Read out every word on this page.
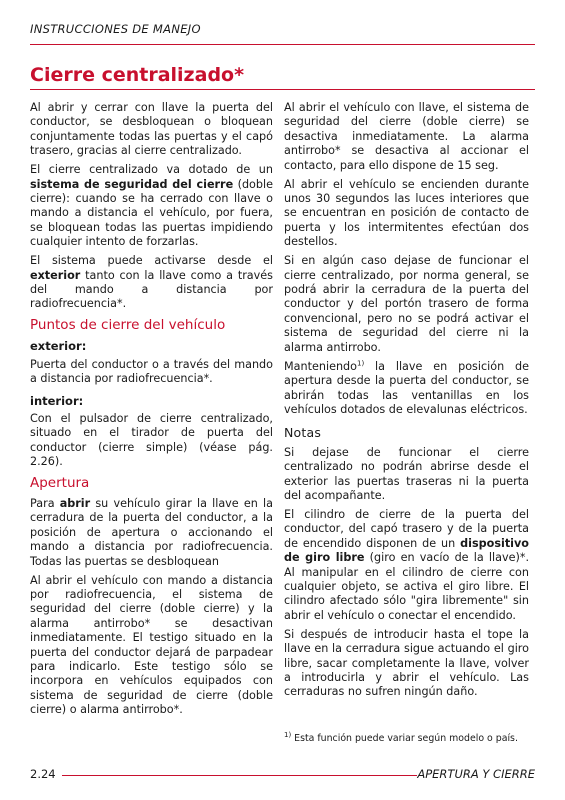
INSTRUCCIONES DE MANEJO
Cierre centralizado*

Al abrir y cerrar con llave la puerta del conductor, se desbloquean o bloquean conjuntamente todas las puertas y el capó trasero, gracias al cierre centralizado.

El cierre centralizado va dotado de un sistema de seguridad del cierre (doble cierre): cuando se ha cerrado con llave o mando a distancia el vehículo, por fuera, se bloquean todas las puertas impidiendo cualquier intento de forzarlas.

El sistema puede activarse desde el exterior tanto con la llave como a través del mando a distancia por radiofrecuencia*.

Puntos de cierre del vehículo
exterior:

Puerta del conductor o a través del mando a distancia por radiofrecuencia*.

interior:

Con el pulsador de cierre centralizado, situado en el tirador de puerta del conductor (cierre simple) (véase pág. 2.26).

Apertura

Para abrir su vehículo girar la llave en la cerradura de la puerta del conductor, a la posición de apertura o accionando el mando a distancia por radiofrecuencia. Todas las puertas se desbloquean

Al abrir el vehículo con mando a distancia por radiofrecuencia, el sistema de seguridad del cierre (doble cierre) y la alarma antirrobo* se desactivan inmediatamente. El testigo situado en la puerta del conductor dejará de parpadear para indicarlo. Este testigo sólo se incorpora en vehículos equipados con sistema de seguridad de cierre (doble cierre) o alarma antirrobo*.

Al abrir el vehículo con llave, el sistema de seguridad del cierre (doble cierre) se desactiva inmediatamente. La alarma antirrobo* se desactiva al accionar el contacto, para ello dispone de 15 seg.

Al abrir el vehículo se encienden durante unos 30 segundos las luces interiores que se encuentran en posición de contacto de puerta y los intermitentes efectúan dos destellos.

Si en algún caso dejase de funcionar el cierre centralizado, por norma general, se podrá abrir la cerradura de la puerta del conductor y del portón trasero de forma convencional, pero no se podrá activar el sistema de seguridad del cierre ni la alarma antirrobo.

Manteniendo$^{1)}$ la llave en posición de apertura desde la puerta del conductor, se abrirán todas las ventanillas en los vehículos dotados de elevalunas eléctricos.

Notas

Si dejase de funcionar el cierre centralizado no podrán abrirse desde el exterior las puertas traseras ni la puerta del acompañante.

El cilindro de cierre de la puerta del conductor, del capó trasero y de la puerta de encendido disponen de un dispositivo de giro libre (giro en vacío de la llave)*. Al manipular en el cilindro de cierre con cualquier objeto, se activa el giro libre. El cilindro afectado sólo "gira libremente" sin abrir el vehículo o conectar el encendido.

Si después de introducir hasta el tope la llave en la cerradura sigue actuando el giro libre, sacar completamente la llave, volver a introducirla y abrir el vehículo. Las cerraduras no sufren ningún daño.

$^{1)}$ Esta función puede variar según modelo o país.
2.24	APERTURA Y CIERRE
